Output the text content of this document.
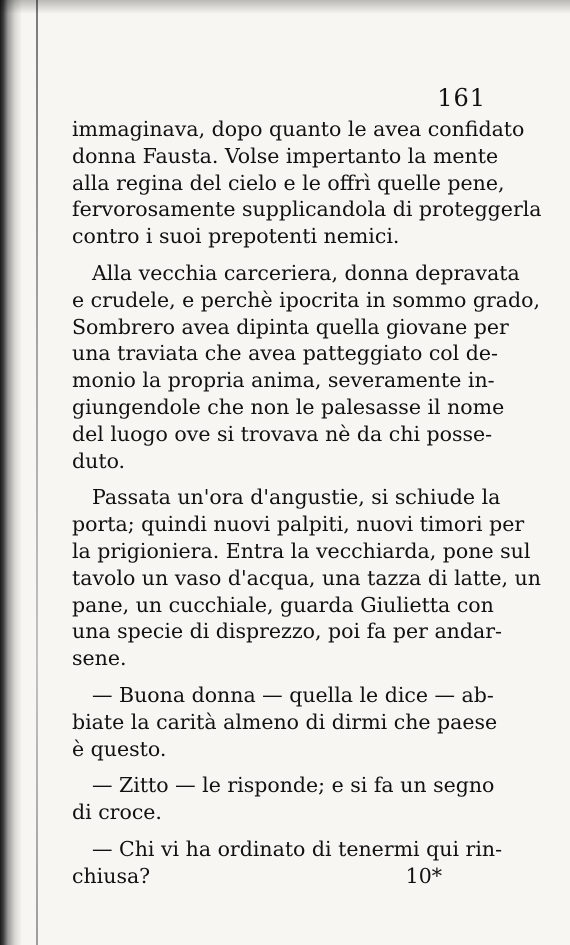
161
immaginava, dopo quanto le avea confidato
donna Fausta. Volse impertanto la mente
alla regina del cielo e le offrì quelle pene,
fervorosamente supplicandola di proteggerla
contro i suoi prepotenti nemici.
Alla vecchia carceriera, donna depravata
e crudele, e perchè ipocrita in sommo grado,
Sombrero avea dipinta quella giovane per
una traviata che avea patteggiato col de-
monio la propria anima, severamente in-
giungendole che non le palesasse il nome
del luogo ove si trovava nè da chi posse-
duto.
Passata un'ora d'angustie, si schiude la
porta; quindi nuovi palpiti, nuovi timori per
la prigioniera. Entra la vecchiarda, pone sul
tavolo un vaso d'acqua, una tazza di latte, un
pane, un cucchiale, guarda Giulietta con
una specie di disprezzo, poi fa per andar-
sene.
— Buona donna — quella le dice — ab-
biate la carità almeno di dirmi che paese
è questo.
— Zitto — le risponde; e si fa un segno
di croce.
— Chi vi ha ordinato di tenermi qui rin-
chiusa?	10*
